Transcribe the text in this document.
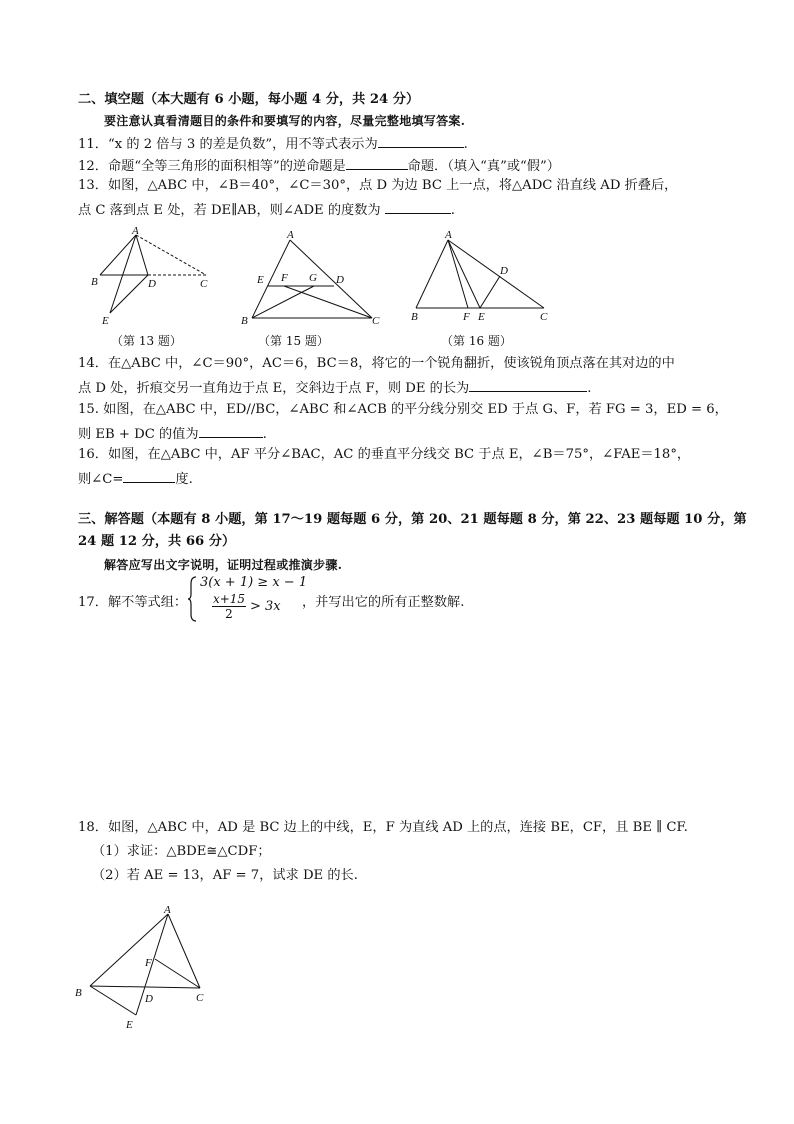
二、填空题（本大题有 6 小题，每小题 4 分，共 24 分）
要注意认真看清题目的条件和要填写的内容，尽量完整地填写答案.
11．“x 的 2 倍与 3 的差是负数”，用不等式表示为	.
12．命题“全等三角形的面积相等”的逆命题是	命题．（填入“真”或“假”）
13．如图，△ABC 中，∠B＝40°，∠C＝30°，点 D 为边 BC 上一点，将△ADC 沿直线 AD 折叠后，
点 C 落到点 E 处，若 DE∥AB，则∠ADE 的度数为	.
A
B	D	C
E
（第 13 题）
A
E F G D
B	C
（第 15 题）
A
D
B	F E	C
（第 16 题）
14．在△ABC 中，∠C＝90°，AC＝6，BC＝8，将它的一个锐角翻折，使该锐角顶点落在其对边的中
点 D 处，折痕交另一直角边于点 E，交斜边于点 F，则 DE 的长为	.
15. 如图，在△ABC 中，ED//BC，∠ABC 和∠ACB 的平分线分别交 ED 于点 G、F，若 FG = 3，ED = 6，
则 EB + DC 的值为	.
16．如图，在△ABC 中，AF 平分∠BAC，AC 的垂直平分线交 BC 于点 E，∠B＝75°，∠FAE＝18°，
则∠C=	度.
三、解答题（本题有 8 小题，第 17～19 题每题 6 分，第 20、21 题每题 8 分，第 22、23 题每题 10 分，第
24 题 12 分，共 66 分）
解答应写出文字说明，证明过程或推演步骤.
17．解不等式组：
3(x + 1) ≥ x − 1
x+15
2	> 3x ，并写出它的所有正整数解.
18．如图，△ABC 中，AD 是 BC 边上的中线，E，F 为直线 AD 上的点，连接 BE，CF，且 BE ∥ CF.
（1）求证：△BDE≅△CDF；
（2）若 AE = 13，AF = 7，试求 DE 的长.
A
F
B	D	C
E
